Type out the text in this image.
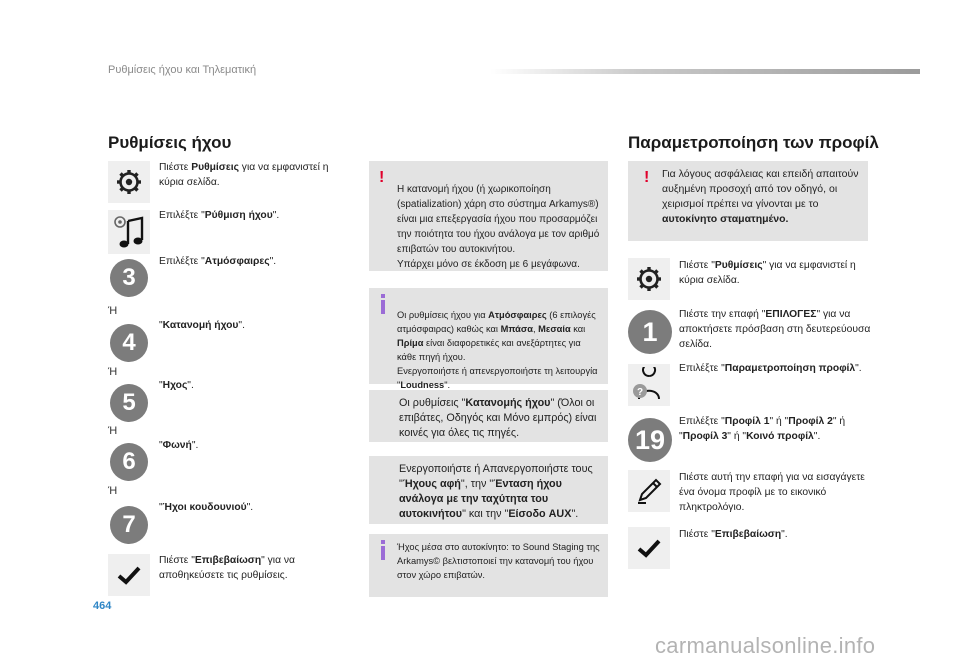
Ρυθμίσεις ήχου και Τηλεματική
Ρυθμίσεις ήχου
Πιέστε Ρυθμίσεις για να εμφανιστεί η κύρια σελίδα.
Επιλέξτε "Ρύθμιση ήχου".
3
Επιλέξτε "Ατμόσφαιρες".
Ή
4
"Κατανομή ήχου".
Ή
5
"Ηχος".
Ή
6
"Φωνή".
Ή
7
"Ήχοι κουδουνιού".
Πιέστε "Επιβεβαίωση" για να αποθηκεύσετε τις ρυθμίσεις.

!
Η κατανομή ήχου (ή χωρικοποίηση (spatialization) χάρη στο σύστημα Arkamys®) είναι μια επεξεργασία ήχου που προσαρμόζει την ποιότητα του ήχου ανάλογα με τον αριθμό επιβατών του αυτοκινήτου.
Υπάρχει μόνο σε έκδοση με 6 μεγάφωνα.

Οι ρυθμίσεις ήχου για Ατμόσφαιρες (6 επιλογές ατμόσφαιρας) καθώς και Μπάσα, Μεσαία και Πρίμα είναι διαφορετικές και ανεξάρτητες για κάθε πηγή ήχου.
Ενεργοποιήστε ή απενεργοποιήστε τη λειτουργία "Loudness".

Οι ρυθμίσεις "Κατανομής ήχου" (Όλοι οι επιβάτες, Οδηγός και Μόνο εμπρός) είναι κοινές για όλες τις πηγές.
Ενεργοποιήστε ή Απανεργοποιήστε τους "Ήχους αφή", την "Ένταση ήχου ανάλογα με την ταχύτητα του αυτοκινήτου" και την "Είσοδο AUX".
Ήχος μέσα στο αυτοκίνητο: το Sound Staging της Arkamys© βελτιστοποιεί την κατανομή του ήχου στον χώρο επιβατών.
Παραμετροποίηση των προφίλ
! Για λόγους ασφάλειας και επειδή απαιτούν αυξημένη προσοχή από τον οδηγό, οι χειρισμοί πρέπει να γίνονται με το αυτοκίνητο σταματημένο.
Πιέστε "Ρυθμίσεις" για να εμφανιστεί η κύρια σελίδα.
1
Πιέστε την επαφή "ΕΠΙΛΟΓΕΣ" για να αποκτήσετε πρόσβαση στη δευτερεύουσα σελίδα.
?
Επιλέξτε "Παραμετροποίηση προφίλ".
19
Επιλέξτε "Προφίλ 1" ή "Προφίλ 2" ή "Προφίλ 3" ή "Κοινό προφίλ".
Πιέστε αυτή την επαφή για να εισαγάγετε ένα όνομα προφίλ με το εικονικό πληκτρολόγιο.
Πιέστε "Επιβεβαίωση".
464
carmanualsonline.info
